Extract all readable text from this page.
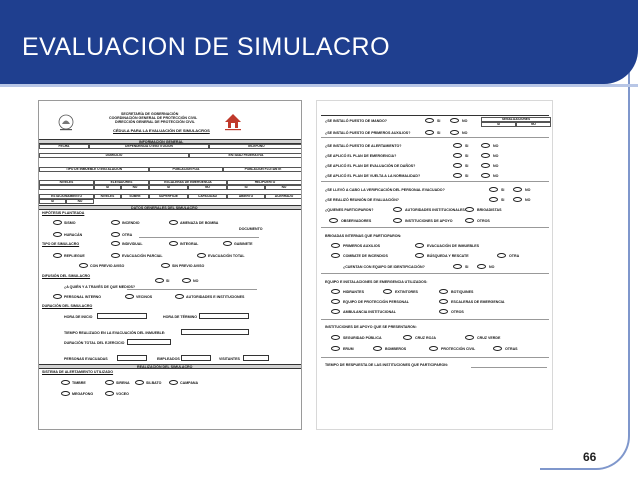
EVALUACION DE SIMULACRO
SECRETARÍA DE GOBERNACIÓN
COORDINACIÓN GENERAL DE PROTECCIÓN CIVIL
DIRECCIÓN GENERAL DE PROTECCIÓN CIVIL
CÉDULA PARA LA EVALUACIÓN DE SIMULACROS
INFORMACIÓN GENERAL
FECHA	DEPENDENCIA O INSTITUCIÓN	TELÉFONO
DOMICILIO	ENTIDAD FEDERATIVA
TIPO DE INMUEBLE O INSTALACIÓN	POBLACIÓN FIJA	POBLACIÓN FLOTANTE
NIVELES	ELEVADORES	ESCALERAS DE EMERGENCIA	HELIPUERTO
SI	NO	SI	NO	SI	NO
ESTACIONAMIENTO	NIVELES	SOBRE	SUPERFICIE	CAPACIDAD	ABIERTO	ACERRADO
SI	NO
DATOS GENERALES DEL SIMULACRO
HIPÓTESIS PLANTEADA
SISMO	INCENDIO	AMENAZA DE BOMBA
DOCUMENTO
HURACÁN	OTRA
TIPO DE SIMULACRO	INDIVIDUAL	INTEGRAL	GABINETE
REPLIEGUE	EVACUACIÓN PARCIAL	EVACUACIÓN TOTAL
CON PREVIO AVISO	SIN PREVIO AVISO
DIFUSIÓN DEL SIMULACRO
SI	NO
¿A QUIÉN Y A TRAVÉS DE QUE MEDIOS?
PERSONAL INTERNO	VECINOS	AUTORIDADES E INSTITUCIONES
DURACIÓN DEL SIMULACRO
HORA DE INICIO	HORA DE TÉRMINO
TIEMPO REALIZADO EN LA EVACUACIÓN DEL INMUEBLE:
DURACIÓN TOTAL DEL EJERCICIO
PERSONAS EVACUADAS	EMPLEADOS	VISITANTES
REALIZACIÓN DEL SIMULACRO
SISTEMA DE ALERTAMIENTO UTILIZADO
TIMBRE	SIRENA	SILBATO	CAMPANA
MEGAFONO	VOCEO
¿SE INSTALÓ PUESTO DE MANDO?	SI	NO	SEÑALIZACIONES
SI	NO
¿SE INSTALÓ PUESTO DE PRIMEROS AUXILIOS?	SI	NO
¿SE INSTALÓ PUESTO DE ALERTAMIENTO?	SI	NO
¿SE APLICÓ EL PLAN DE EMERGENCIA?	SI	NO
¿SE APLICÓ EL PLAN DE EVALUACIÓN DE DAÑOS?	SI	NO
¿SE APLICÓ EL PLAN DE VUELTA A LA NORMALIDAD?	SI	NO
¿SE LLEVÓ A CABO LA VERIFICACIÓN DEL PERSONAL EVACUADO?	SI	NO
¿SE REALIZÓ REUNIÓN DE EVALUACIÓN?	SI	NO
¿QUIENES PARTICIPARON?	AUTORIDADES INSTITUCIONALES	BRIGADISTAS
OBSERVADORES	INSTITUCIONES DE APOYO	OTROS
BRIGADAS INTERNAS QUE PARTICIPARON:
PRIMEROS AUXILIOS	EVACUACIÓN DE INMUEBLES
COMBATE DE INCENDIOS	BÚSQUEDA Y RESCATE	OTRA
¿CUENTAN CON EQUIPO DE IDENTIFICACIÓN?	SI	NO
EQUIPO E INSTALACIONES DE EMERGENCIA UTILIZADOS:
HIDRANTES	EXTINTORES	BOTIQUINES
EQUIPO DE PROTECCIÓN PERSONAL	ESCALERAS DE EMERGENCIA
AMBULANCIA INSTITUCIONAL	OTROS
INSTITUCIONES DE APOYO QUE SE PRESENTARON:
SEGURIDAD PÚBLICA	CRUZ ROJA	CRUZ VERDE
ERUM	BOMBEROS	PROTECCIÓN CIVIL	OTRAS
TIEMPO DE RESPUESTA DE LAS INSTITUCIONES QUE PARTICIPARON:
66
